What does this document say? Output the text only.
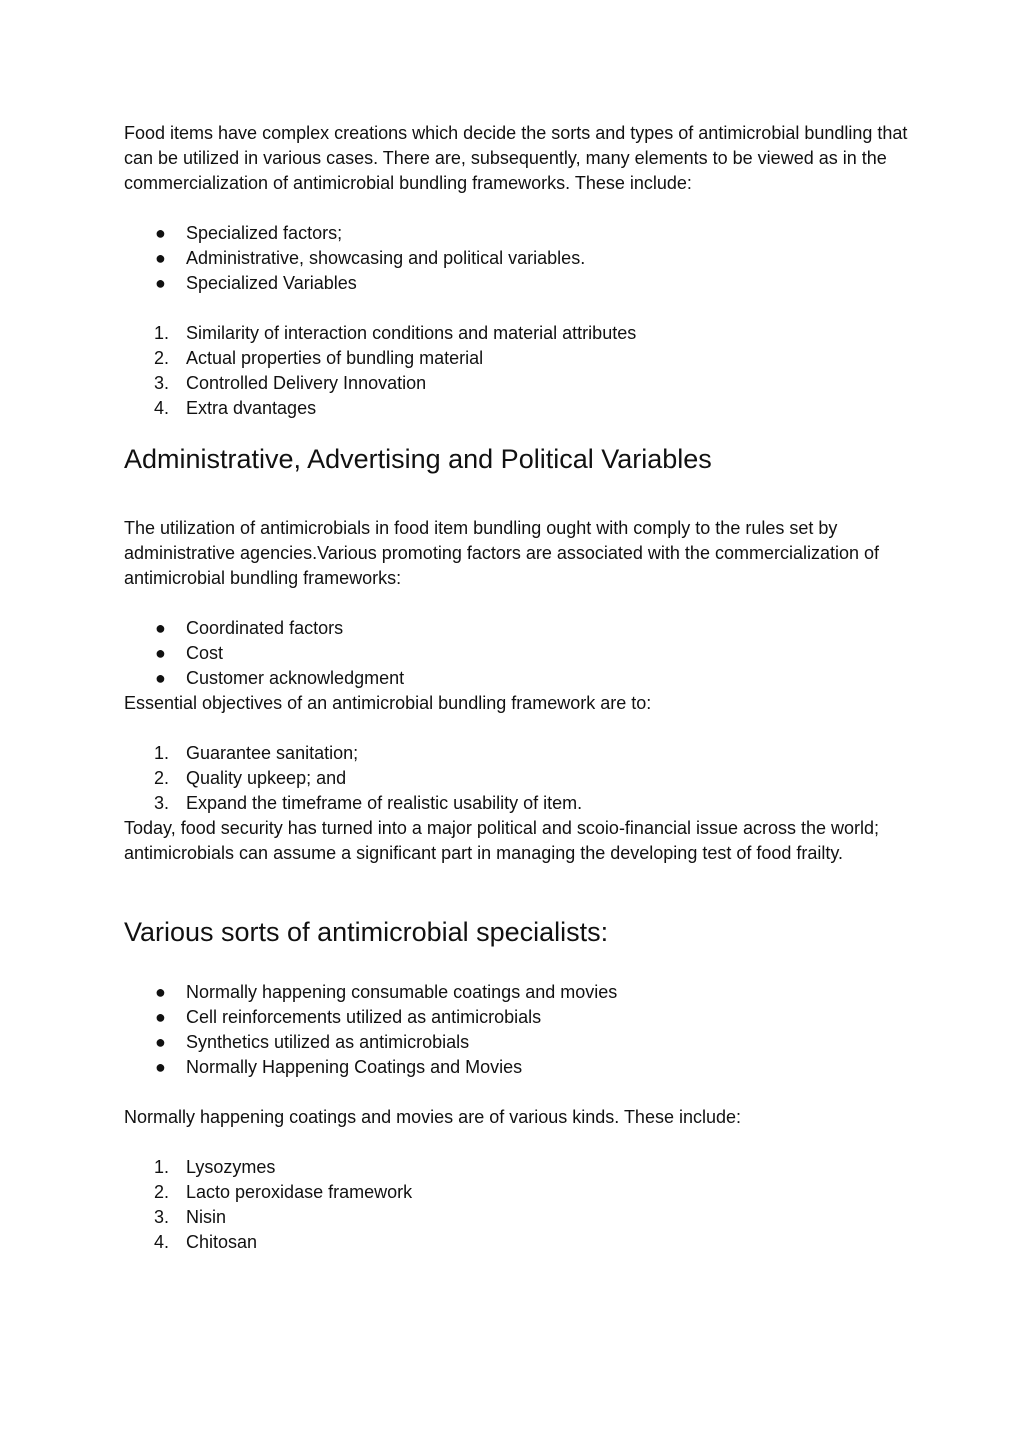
Food items have complex creations which decide the sorts and types of antimicrobial bundling that can be utilized in various cases. There are, subsequently, many elements to be viewed as in the commercialization of antimicrobial bundling frameworks. These include:

●	Specialized factors;
●	Administrative, showcasing and political variables.
●	Specialized Variables
1. Similarity of interaction conditions and material attributes
2. Actual properties of bundling material
3. Controlled Delivery Innovation
4. Extra dvantages
Administrative, Advertising and Political Variables

The utilization of antimicrobials in food item bundling ought with comply to the rules set by administrative agencies.Various promoting factors are associated with the commercialization of antimicrobial bundling frameworks:

●	Coordinated factors
●	Cost
●	Customer acknowledgment

Essential objectives of an antimicrobial bundling framework are to:

1. Guarantee sanitation;
2. Quality upkeep; and
3. Expand the timeframe of realistic usability of item.

Today, food security has turned into a major political and scoio-financial issue across the world; antimicrobials can assume a significant part in managing the developing test of food frailty.

Various sorts of antimicrobial specialists:
●	Normally happening consumable coatings and movies
●	Cell reinforcements utilized as antimicrobials
●	Synthetics utilized as antimicrobials
●	Normally Happening Coatings and Movies

Normally happening coatings and movies are of various kinds. These include:

1. Lysozymes
2. Lacto peroxidase framework
3. Nisin
4. Chitosan
